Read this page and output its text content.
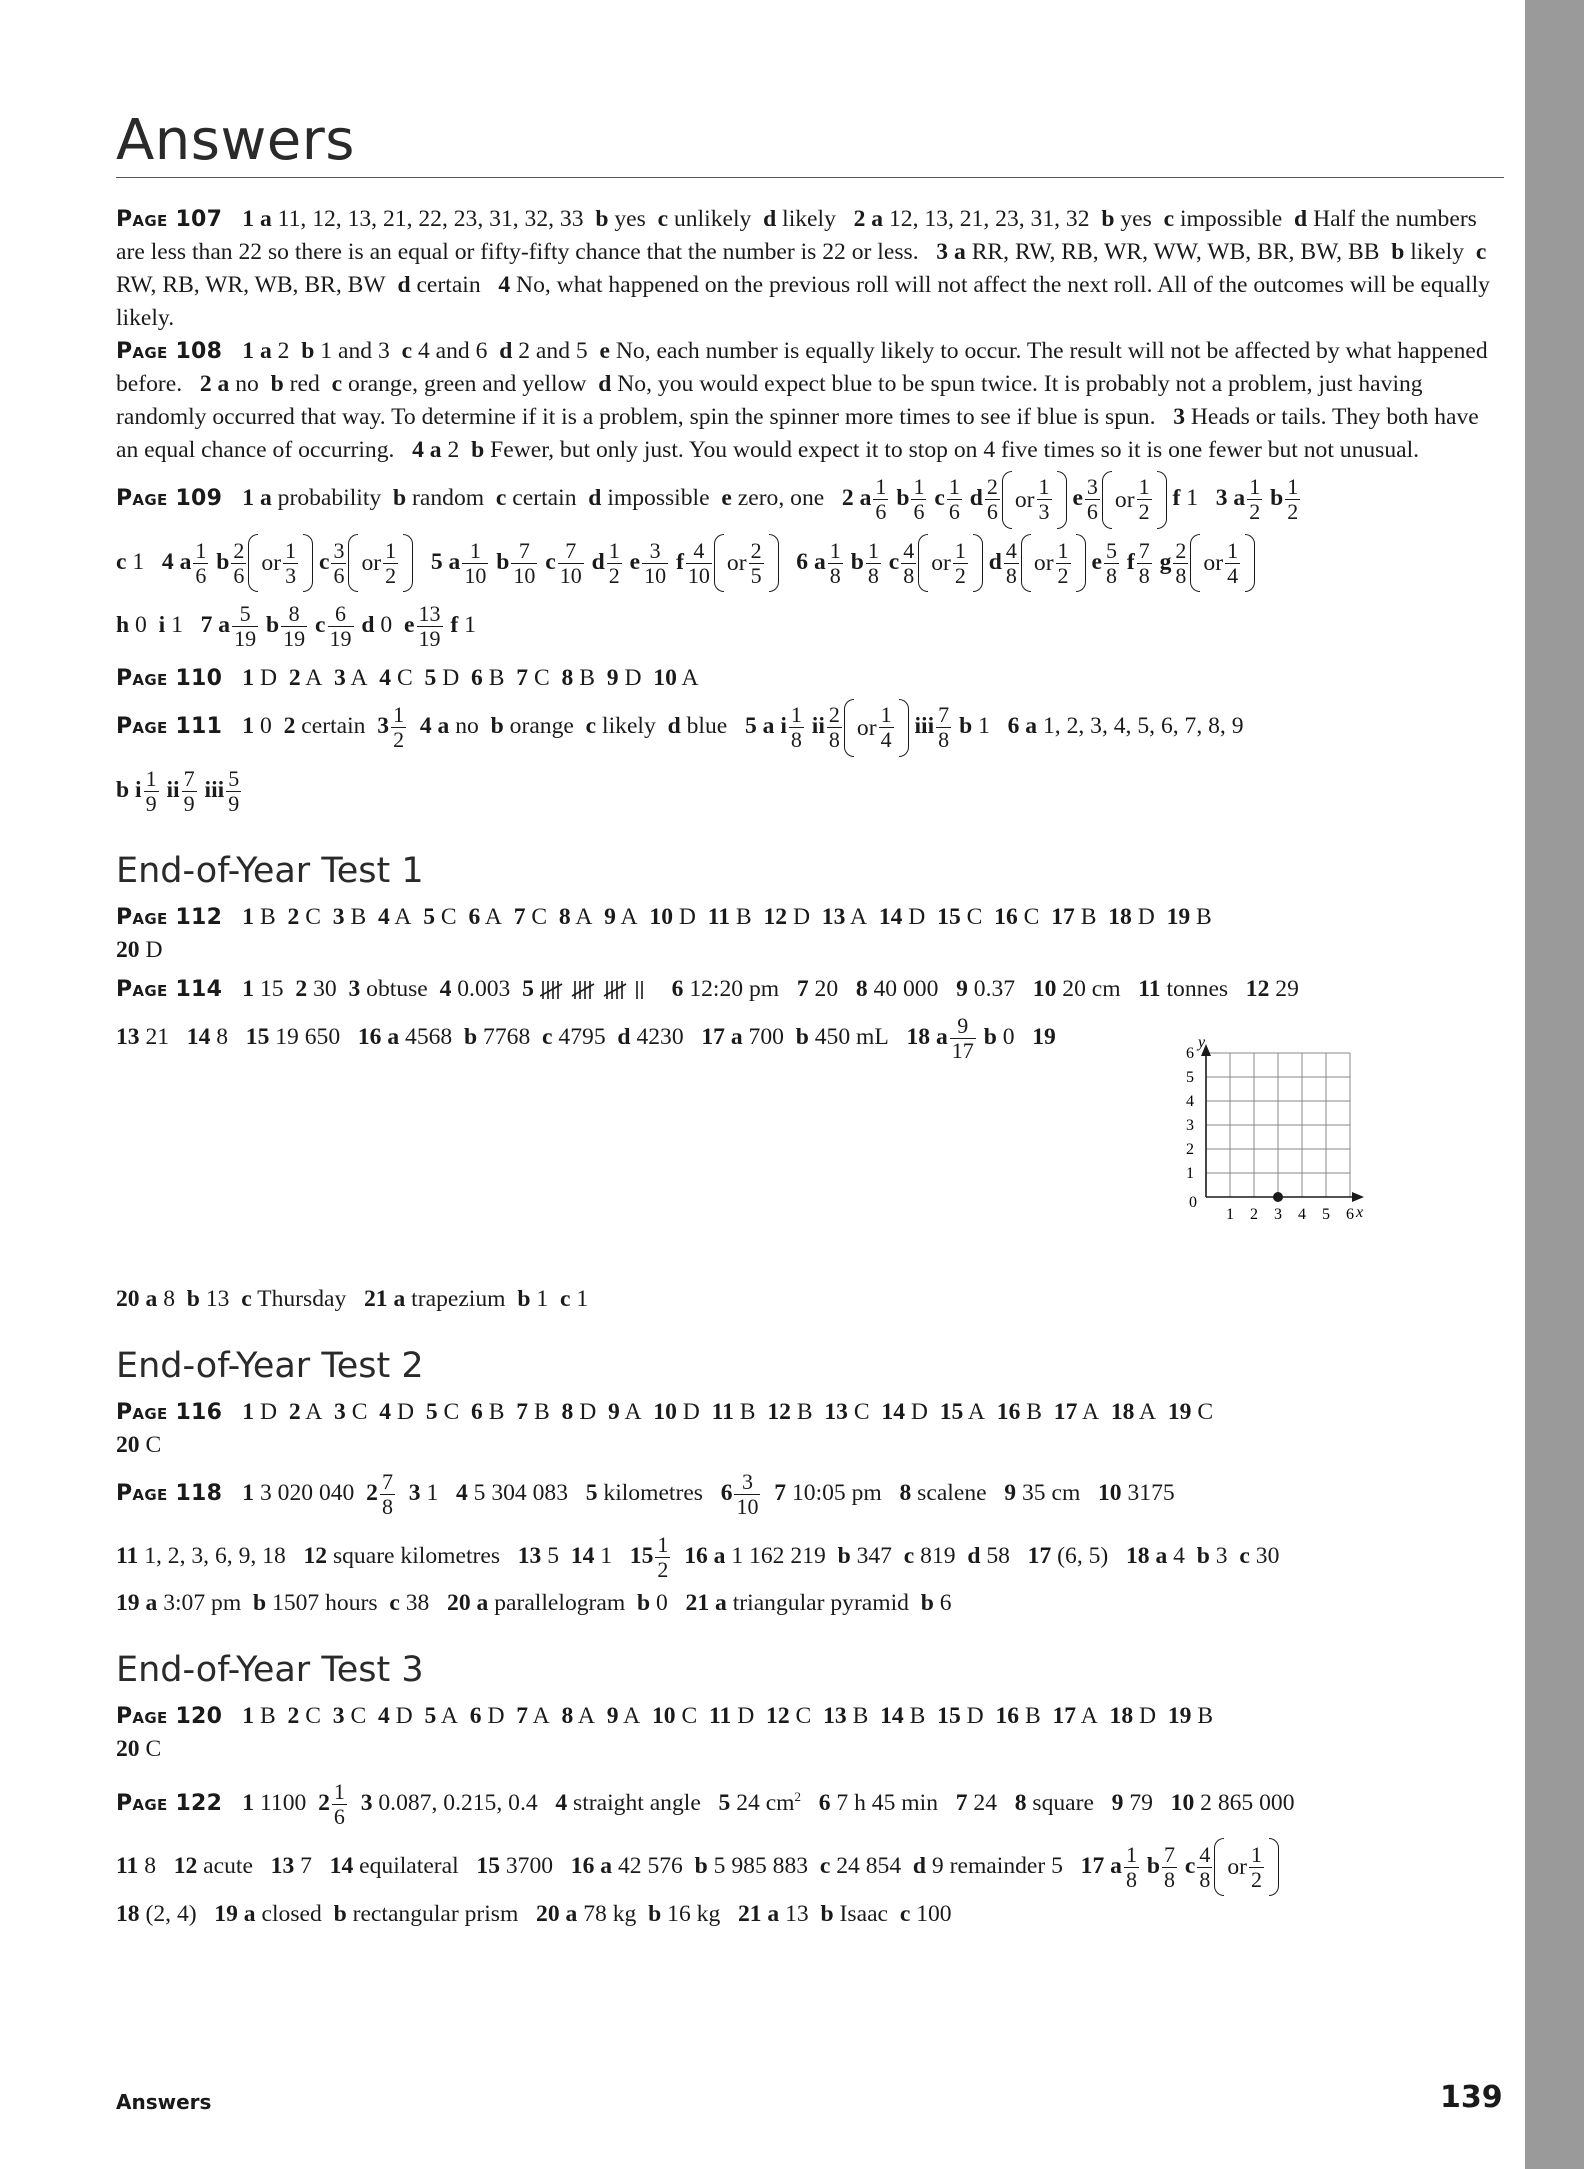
Answers

Page 107 1 a 11, 12, 13, 21, 22, 23, 31, 32, 33  b yes  c unlikely  d likely   2 a 12, 13, 21, 23, 31, 32  b yes  c impossible  d Half the numbers are less than 22 so there is an equal or fifty-fifty chance that the number is 22 or less.   3 a RR, RW, RB, WR, WW, WB, BR, BW, BB  b likely  c RW, RB, WR, WB, BR, BW  d certain   4 No, what happened on the previous roll will not affect the next roll. All of the outcomes will be equally likely.

Page 108 1 a 2  b 1 and 3  c 4 and 6  d 2 and 5  e No, each number is equally likely to occur. The result will not be affected by what happened before.   2 a no  b red  c orange, green and yellow  d No, you would expect blue to be spun twice. It is probably not a problem, just having randomly occurred that way. To determine if it is a problem, spin the spinner more times to see if blue is spun.   3 Heads or tails. They both have an equal chance of occurring.   4 a 2  b Fewer, but only just. You would expect it to stop on 4 five times so it is one fewer but not unusual.

Page 109 1 a probability  b random  c certain  d impossible  e zero, one   2 a $\frac{1}{6}$ b $\frac{1}{6}$ c $\frac{1}{6}$ d $\frac{2}{6}$ or $\frac{1}{3}$ e $\frac{3}{6}$ or $\frac{1}{2}$ f 1   3 a $\frac{1}{2}$ b $\frac{1}{2}$

c 1   4 a $\frac{1}{6}$ b $\frac{2}{6}$ or $\frac{1}{3}$ c $\frac{3}{6}$ or $\frac{1}{2} 5$ a $\frac{1}{10}$ b $\frac{7}{10}$ c $\frac{7}{10}$ d $\frac{1}{2}$ e $\frac{3}{10}$ f $\frac{4}{10}$ or $\frac{2}{5} 6$ a $\frac{1}{8}$ b $\frac{1}{8}$ c $\frac{4}{8}$ or $\frac{1}{2}$ d $\frac{4}{8}$ or $\frac{1}{2}$ e $\frac{5}{8}$ f $\frac{7}{8}$ g $\frac{2}{8}$ or $\frac{1}{4}$

h 0  i 1   7 a $\frac{5}{19}$ b $\frac{8}{19}$ c $\frac{6}{19}$ d 0  e $\frac{13}{19}$ f 1

Page 110 1 D  2 A  3 A  4 C  5 D  6 B  7 C  8 B  9 D  10 A

Page 111 1 0  2 certain  $3 \frac{1}{2} 4$ a no  b orange  c likely  d blue   5 a i $\frac{1}{8}$ ii $\frac{2}{8}$ or $\frac{1}{4}$ iii $\frac{7}{8}$ b 1   6 a 1, 2, 3, 4, 5, 6, 7, 8, 9
b i $\frac{1}{9}$ ii $\frac{7}{9}$ iii $\frac{5}{9}$

End-of-Year Test 1

Page 112 1 B  2 C  3 B  4 A  5 C  6 A  7 C  8 A  9 A  10 D  11 B  12 D  13 A  14 D  15 C  16 C  17 B  18 D  19 B
20 D

Page 114 1 15  2 30  3 obtuse  4 0.003  5	6 12:20 pm   7 20   8 40 000   9 0.37   10 20 cm   11 tonnes   12 29

13 21   14 8   15 19 650   16 a 4568  b 7768  c 4795  d 4230   17 a 700  b 450 mL   18 a $\frac{9}{17}$ b 0   19	y
x
0
6
5
4
3
2
1
1 2 3 4 5 6

20 a 8  b 13  c Thursday   21 a trapezium  b 1  c 1

End-of-Year Test 2

Page 116 1 D  2 A  3 C  4 D  5 C  6 B  7 B  8 D  9 A  10 D  11 B  12 B  13 C  14 D  15 A  16 B  17 A  18 A  19 C
20 C

Page 118 1 3 020 040  $2 \frac{7}{8} 3$ 1   4 5 304 083   5 kilometres   $6 \frac{3}{10} 7$ 10:05 pm   8 scalene   9 35 cm   10 3175
11 1, 2, 3, 6, 9, 18   12 square kilometres   13 5  14 1   $15 \frac{1}{2} 16$ a 1 162 219  b 347  c 819  d 58   17 (6, 5)   18 a 4  b 3  c 30

19 a 3:07 pm  b 1507 hours  c 38   20 a parallelogram  b 0   21 a triangular pyramid  b 6

End-of-Year Test 3

Page 120 1 B  2 C  3 C  4 D  5 A  6 D  7 A  8 A  9 A  10 C  11 D  12 C  13 B  14 B  15 D  16 B  17 A  18 D  19 B
20 C

Page 122 1 1100  $2 \frac{1}{6} 3$ 0.087, 0.215, 0.4   4 straight angle   5 24 $cm^2$ 6 7 h 45 min   7 24   8 square   9 79   10 2 865 000
11 8   12 acute   13 7   14 equilateral   15 3700   16 a 42 576  b 5 985 883  c 24 854  d 9 remainder 5   17 a $\frac{1}{8}$ b $\frac{7}{8}$ c $\frac{4}{8}$ or $\frac{1}{2}$

18 (2, 4)   19 a closed  b rectangular prism   20 a 78 kg  b 16 kg   21 a 13  b Isaac  c 100

Answers	139
